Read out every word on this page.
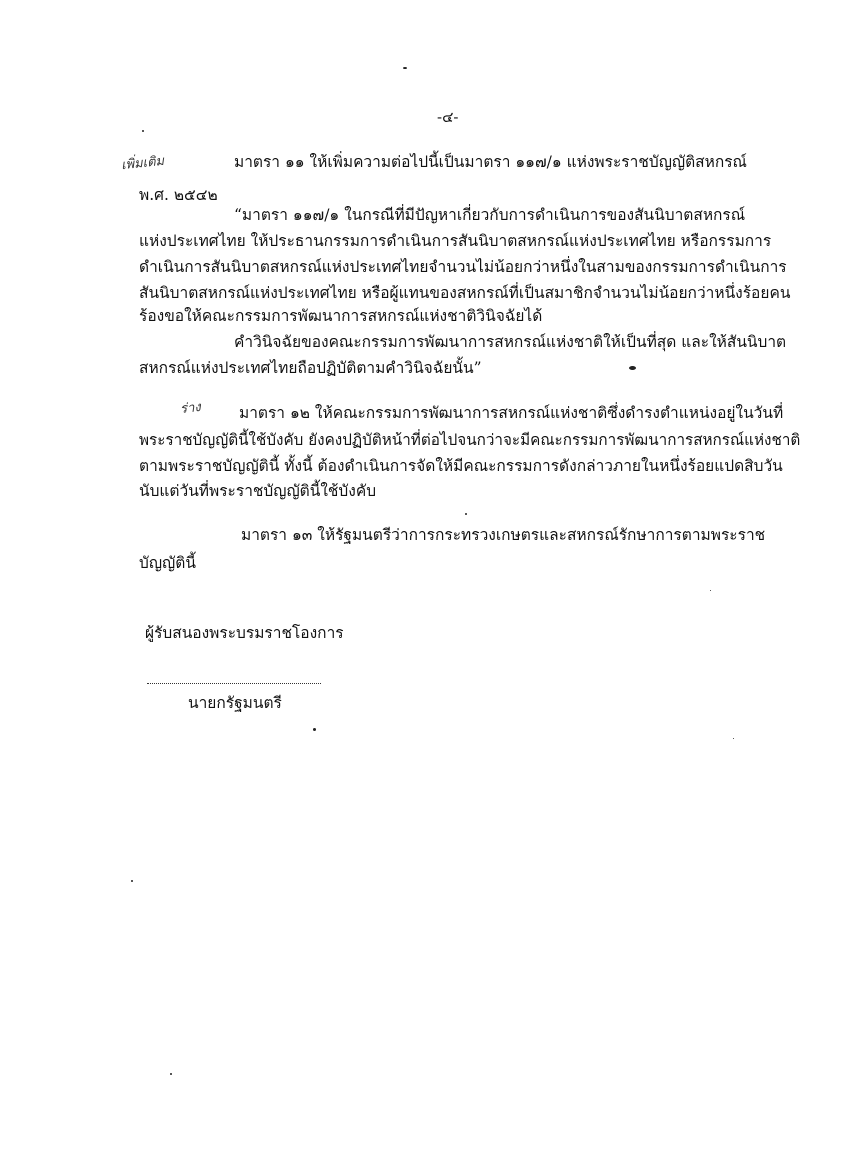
-๔-
เพิ่มเติม	มาตรา ๑๑ ให้เพิ่มความต่อไปนี้เป็นมาตรา ๑๑๗/๑ แห่งพระราชบัญญัติสหกรณ์
พ.ศ. ๒๕๔๒
“มาตรา ๑๑๗/๑ ในกรณีที่มีปัญหาเกี่ยวกับการดำเนินการของสันนิบาตสหกรณ์
แห่งประเทศไทย ให้ประธานกรรมการดำเนินการสันนิบาตสหกรณ์แห่งประเทศไทย หรือกรรมการ
ดำเนินการสันนิบาตสหกรณ์แห่งประเทศไทยจำนวนไม่น้อยกว่าหนึ่งในสามของกรรมการดำเนินการ
สันนิบาตสหกรณ์แห่งประเทศไทย หรือผู้แทนของสหกรณ์ที่เป็นสมาชิกจำนวนไม่น้อยกว่าหนึ่งร้อยคน
ร้องขอให้คณะกรรมการพัฒนาการสหกรณ์แห่งชาติวินิจฉัยได้
คำวินิจฉัยของคณะกรรมการพัฒนาการสหกรณ์แห่งชาติให้เป็นที่สุด และให้สันนิบาต
สหกรณ์แห่งประเทศไทยถือปฏิบัติตามคำวินิจฉัยนั้น”
ร่าง มาตรา ๑๒ ให้คณะกรรมการพัฒนาการสหกรณ์แห่งชาติซึ่งดำรงตำแหน่งอยู่ในวันที่
พระราชบัญญัตินี้ใช้บังคับ ยังคงปฏิบัติหน้าที่ต่อไปจนกว่าจะมีคณะกรรมการพัฒนาการสหกรณ์แห่งชาติ
ตามพระราชบัญญัตินี้ ทั้งนี้ ต้องดำเนินการจัดให้มีคณะกรรมการดังกล่าวภายในหนึ่งร้อยแปดสิบวัน
นับแต่วันที่พระราชบัญญัตินี้ใช้บังคับ
มาตรา ๑๓ ให้รัฐมนตรีว่าการกระทรวงเกษตรและสหกรณ์รักษาการตามพระราช
บัญญัตินี้
ผู้รับสนองพระบรมราชโองการ
นายกรัฐมนตรี
